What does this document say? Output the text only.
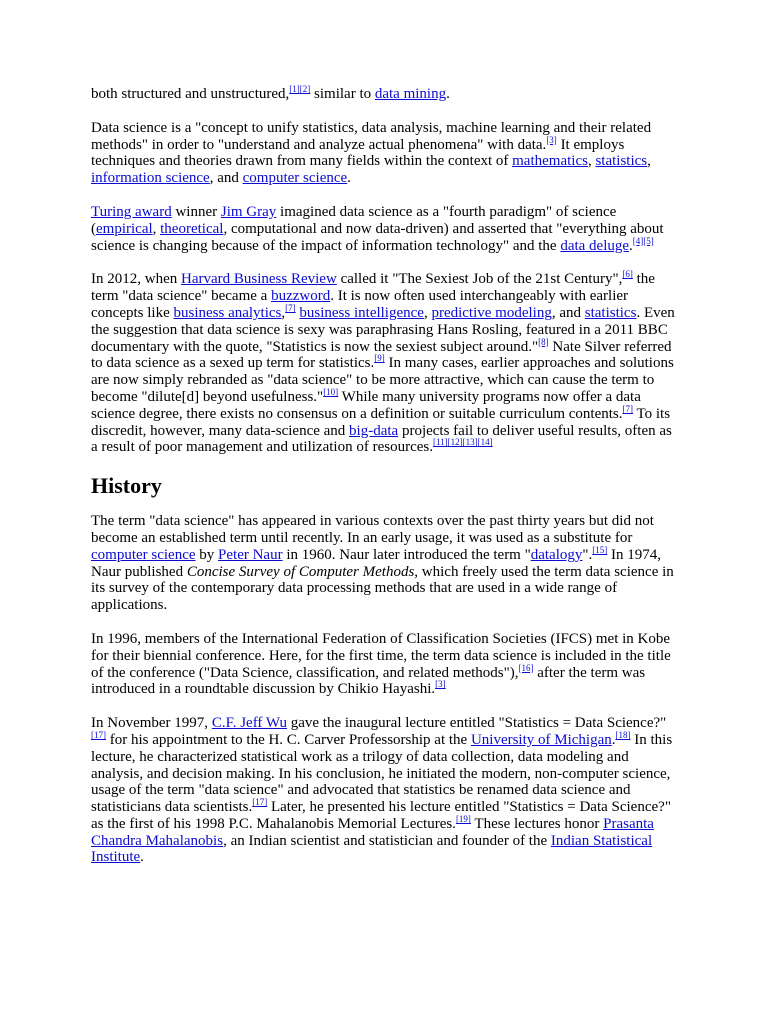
both structured and unstructured,[1][2] similar to data mining.

Data science is a "concept to unify statistics, data analysis, machine learning and their related methods" in order to "understand and analyze actual phenomena" with data.[3] It employs techniques and theories drawn from many fields within the context of mathematics, statistics, information science, and computer science.

Turing award winner Jim Gray imagined data science as a "fourth paradigm" of science (empirical, theoretical, computational and now data-driven) and asserted that "everything about science is changing because of the impact of information technology" and the data deluge.[4][5]

In 2012, when Harvard Business Review called it "The Sexiest Job of the 21st Century",[6] the term "data science" became a buzzword. It is now often used interchangeably with earlier concepts like business analytics,[7] business intelligence, predictive modeling, and statistics. Even the suggestion that data science is sexy was paraphrasing Hans Rosling, featured in a 2011 BBC documentary with the quote, "Statistics is now the sexiest subject around."[8] Nate Silver referred to data science as a sexed up term for statistics.[9] In many cases, earlier approaches and solutions are now simply rebranded as "data science" to be more attractive, which can cause the term to become "dilute[d] beyond usefulness."[10] While many university programs now offer a data science degree, there exists no consensus on a definition or suitable curriculum contents.[7] To its discredit, however, many data-science and big-data projects fail to deliver useful results, often as a result of poor management and utilization of resources.[11][12][13][14]

History

The term "data science" has appeared in various contexts over the past thirty years but did not become an established term until recently. In an early usage, it was used as a substitute for computer science by Peter Naur in 1960. Naur later introduced the term "datalogy".[15] In 1974, Naur published Concise Survey of Computer Methods, which freely used the term data science in its survey of the contemporary data processing methods that are used in a wide range of applications.

In 1996, members of the International Federation of Classification Societies (IFCS) met in Kobe for their biennial conference. Here, for the first time, the term data science is included in the title of the conference ("Data Science, classification, and related methods"),[16] after the term was introduced in a roundtable discussion by Chikio Hayashi.[3]

In November 1997, C.F. Jeff Wu gave the inaugural lecture entitled "Statistics = Data Science?"[17] for his appointment to the H. C. Carver Professorship at the University of Michigan.[18] In this lecture, he characterized statistical work as a trilogy of data collection, data modeling and analysis, and decision making. In his conclusion, he initiated the modern, non-computer science, usage of the term "data science" and advocated that statistics be renamed data science and statisticians data scientists.[17] Later, he presented his lecture entitled "Statistics = Data Science?" as the first of his 1998 P.C. Mahalanobis Memorial Lectures.[19] These lectures honor Prasanta Chandra Mahalanobis, an Indian scientist and statistician and founder of the Indian Statistical Institute.
